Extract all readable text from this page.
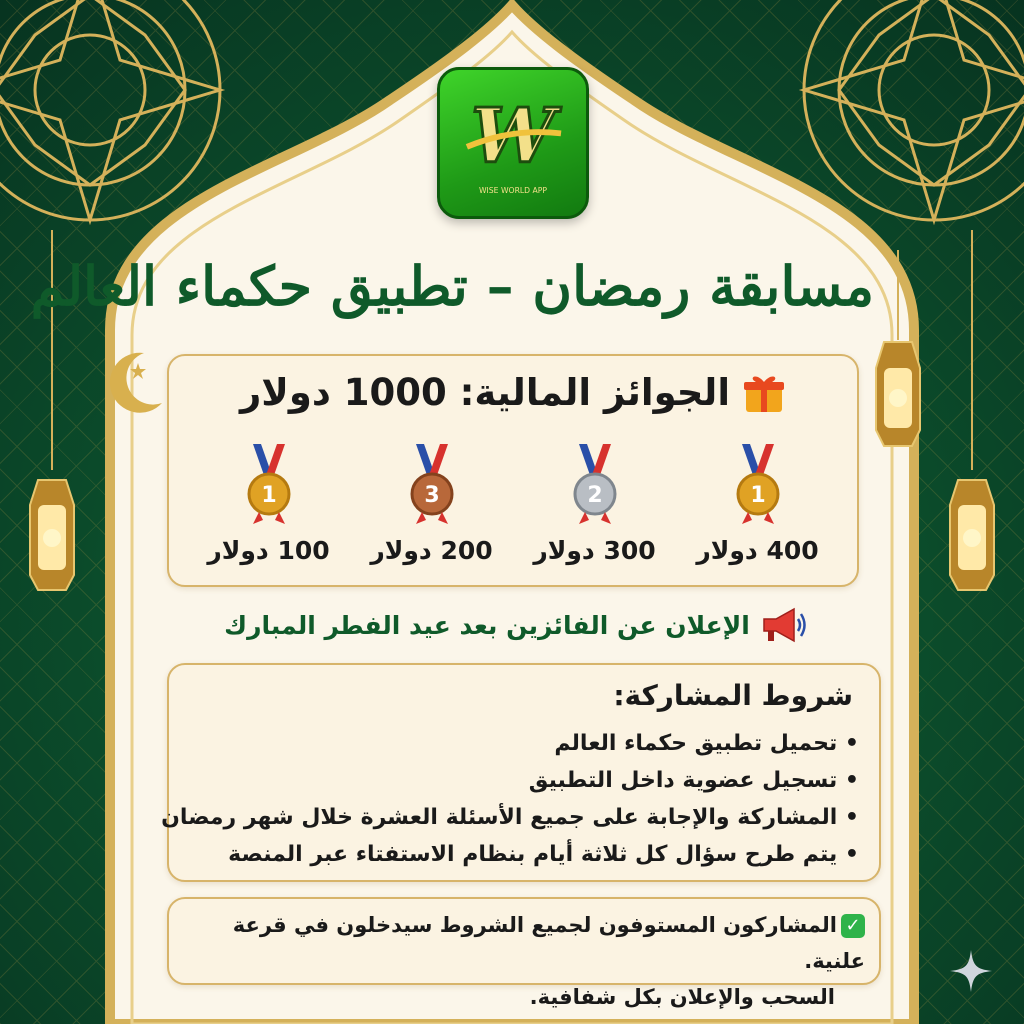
W
WISE WORLD APP
مسابقة رمضان – تطبيق حكماء العالم
الجوائز المالية: 1000 دولار
1
400 دولار
2
300 دولار
3
200 دولار
1
100 دولار
الإعلان عن الفائزين بعد عيد الفطر المبارك
شروط المشاركة:
• تحميل تطبيق حكماء العالم
• تسجيل عضوية داخل التطبيق
• المشاركة والإجابة على جميع الأسئلة العشرة خلال شهر رمضان
• يتم طرح سؤال كل ثلاثة أيام بنظام الاستفتاء عبر المنصة
✓المشاركون المستوفون لجميع الشروط سيدخلون في قرعة علنية.
السحب والإعلان بكل شفافية.
